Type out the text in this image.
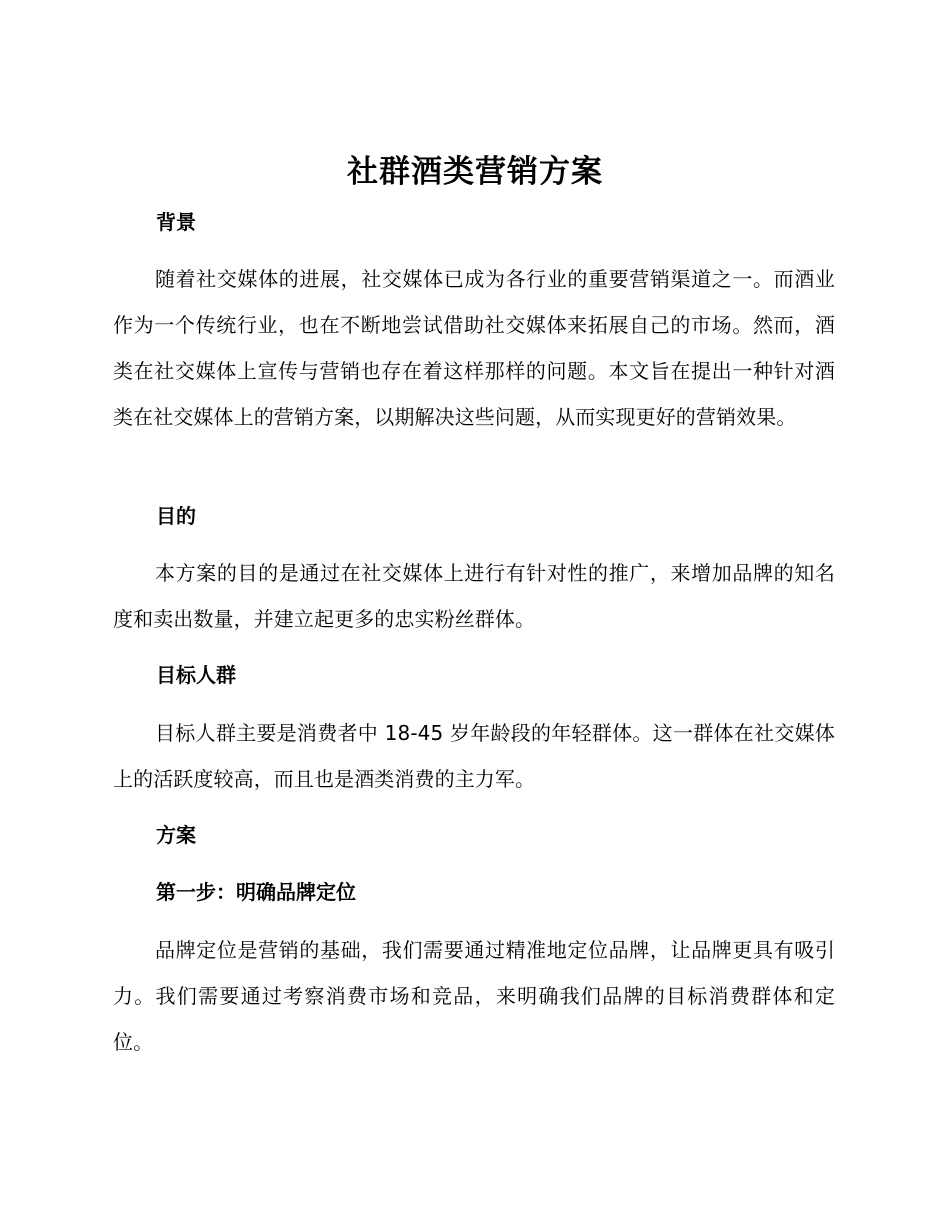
社群酒类营销方案
背景

随着社交媒体的进展，社交媒体已成为各行业的重要营销渠道之一。而酒业作为一个传统行业，也在不断地尝试借助社交媒体来拓展自己的市场。然而，酒类在社交媒体上宣传与营销也存在着这样那样的问题。本文旨在提出一种针对酒类在社交媒体上的营销方案，以期解决这些问题，从而实现更好的营销效果。

目的

本方案的目的是通过在社交媒体上进行有针对性的推广，来增加品牌的知名度和卖出数量，并建立起更多的忠实粉丝群体。

目标人群

目标人群主要是消费者中 18-45 岁年龄段的年轻群体。这一群体在社交媒体上的活跃度较高，而且也是酒类消费的主力军。

方案
第一步：明确品牌定位

品牌定位是营销的基础，我们需要通过精准地定位品牌，让品牌更具有吸引力。我们需要通过考察消费市场和竞品，来明确我们品牌的目标消费群体和定位。
